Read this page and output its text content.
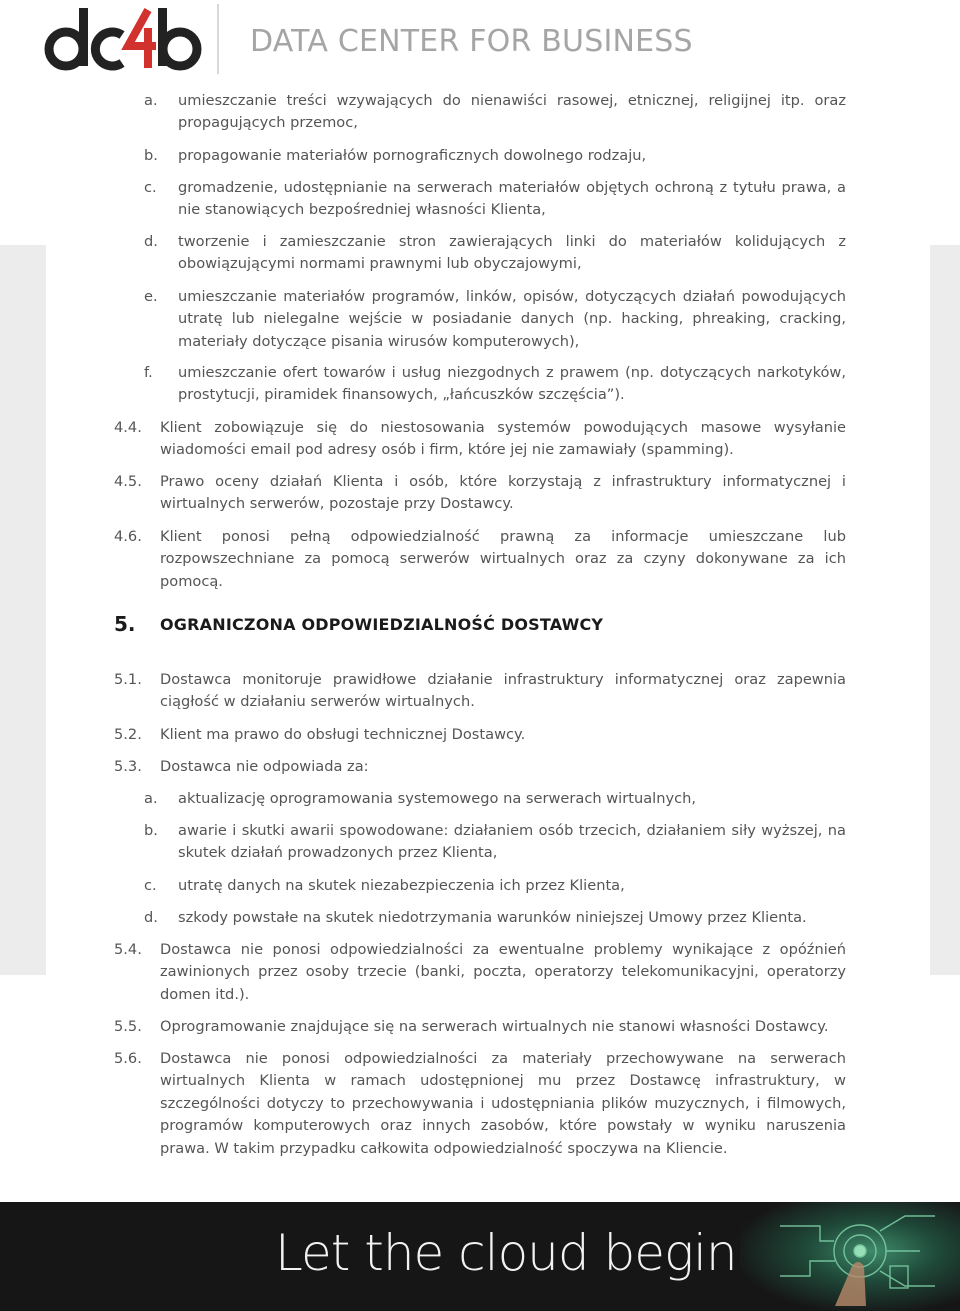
DATA CENTER FOR BUSINESS
a. umieszczanie treści wzywających do nienawiści rasowej, etnicznej, religijnej itp. oraz propagujących przemoc,
b. propagowanie materiałów pornograficznych dowolnego rodzaju,
c. gromadzenie, udostępnianie na serwerach materiałów objętych ochroną z tytułu prawa, a nie stanowiących bezpośredniej własności Klienta,
d. tworzenie i zamieszczanie stron zawierających linki do materiałów kolidujących z obowiązującymi normami prawnymi lub obyczajowymi,
e. umieszczanie materiałów programów, linków, opisów, dotyczących działań powodujących utratę lub nielegalne wejście w posiadanie danych (np. hacking, phreaking, cracking, materiały dotyczące pisania wirusów komputerowych),
f. umieszczanie ofert towarów i usług niezgodnych z prawem (np. dotyczących narkotyków, prostytucji, piramidek finansowych, „łańcuszków szczęścia”).
4.4. Klient zobowiązuje się do niestosowania systemów powodujących masowe wysyłanie wiadomości email pod adresy osób i firm, które jej nie zamawiały (spamming).
4.5. Prawo oceny działań Klienta i osób, które korzystają z infrastruktury informatycznej i wirtualnych serwerów, pozostaje przy Dostawcy.
4.6. Klient ponosi pełną odpowiedzialność prawną za informacje umieszczane lub rozpowszechniane za pomocą serwerów wirtualnych oraz za czyny dokonywane za ich pomocą.
5. OGRANICZONA ODPOWIEDZIALNOŚĆ DOSTAWCY
5.1. Dostawca monitoruje prawidłowe działanie infrastruktury informatycznej oraz zapewnia ciągłość w działaniu serwerów wirtualnych.
5.2. Klient ma prawo do obsługi technicznej Dostawcy.
5.3. Dostawca nie odpowiada za:
a. aktualizację oprogramowania systemowego na serwerach wirtualnych,
b. awarie i skutki awarii spowodowane: działaniem osób trzecich, działaniem siły wyższej, na skutek działań prowadzonych przez Klienta,
c. utratę danych na skutek niezabezpieczenia ich przez Klienta,
d. szkody powstałe na skutek niedotrzymania warunków niniejszej Umowy przez Klienta.
5.4. Dostawca nie ponosi odpowiedzialności za ewentualne problemy wynikające z opóźnień zawinionych przez osoby trzecie (banki, poczta, operatorzy telekomunikacyjni, operatorzy domen itd.).
5.5. Oprogramowanie znajdujące się na serwerach wirtualnych nie stanowi własności Dostawcy.
5.6. Dostawca nie ponosi odpowiedzialności za materiały przechowywane na serwerach wirtualnych Klienta w ramach udostępnionej mu przez Dostawcę infrastruktury, w szczególności dotyczy to przechowywania i udostępniania plików muzycznych, i filmowych, programów komputerowych oraz innych zasobów, które powstały w wyniku naruszenia prawa. W takim przypadku całkowita odpowiedzialność spoczywa na Kliencie.
Let the cloud begin
